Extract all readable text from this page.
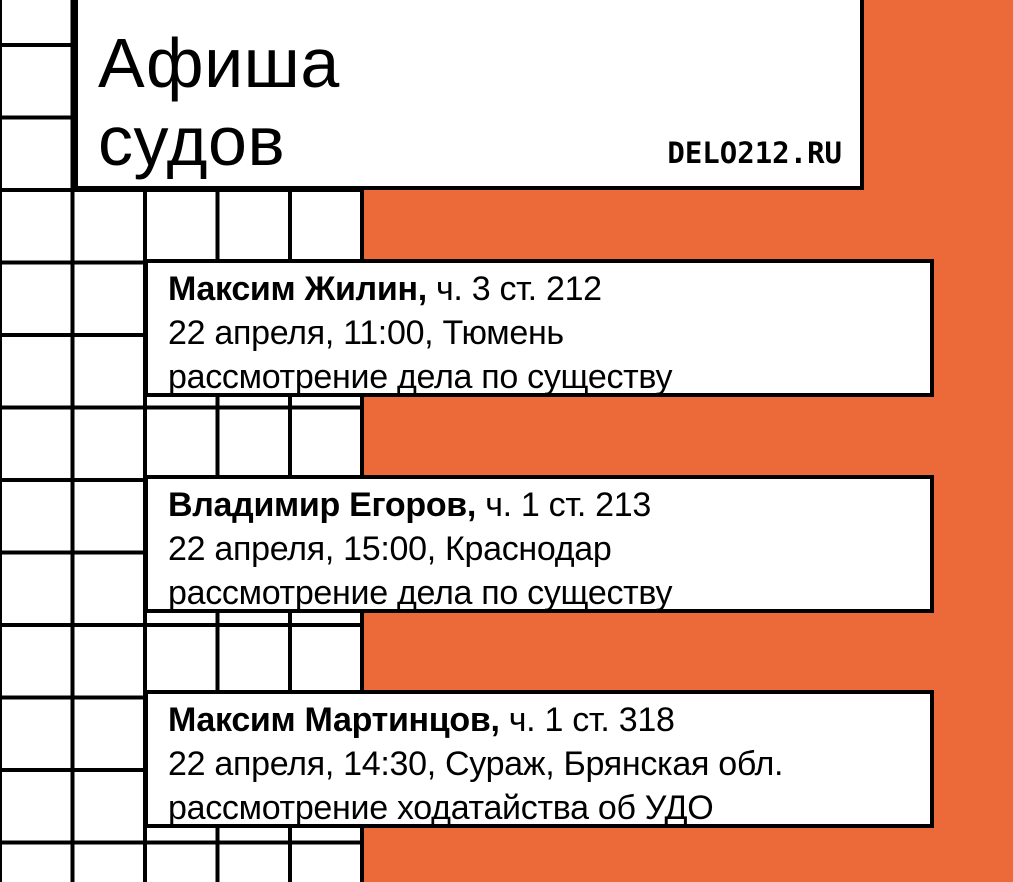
Афиша
судов	DELO212.RU
Максим Жилин, ч. 3 ст. 212
22 апреля, 11:00, Тюмень
рассмотрение дела по существу
Владимир Егоров, ч. 1 ст. 213
22 апреля, 15:00, Краснодар
рассмотрение дела по существу
Максим Мартинцов, ч. 1 ст. 318
22 апреля, 14:30, Сураж, Брянская обл.
рассмотрение ходатайства об УДО
